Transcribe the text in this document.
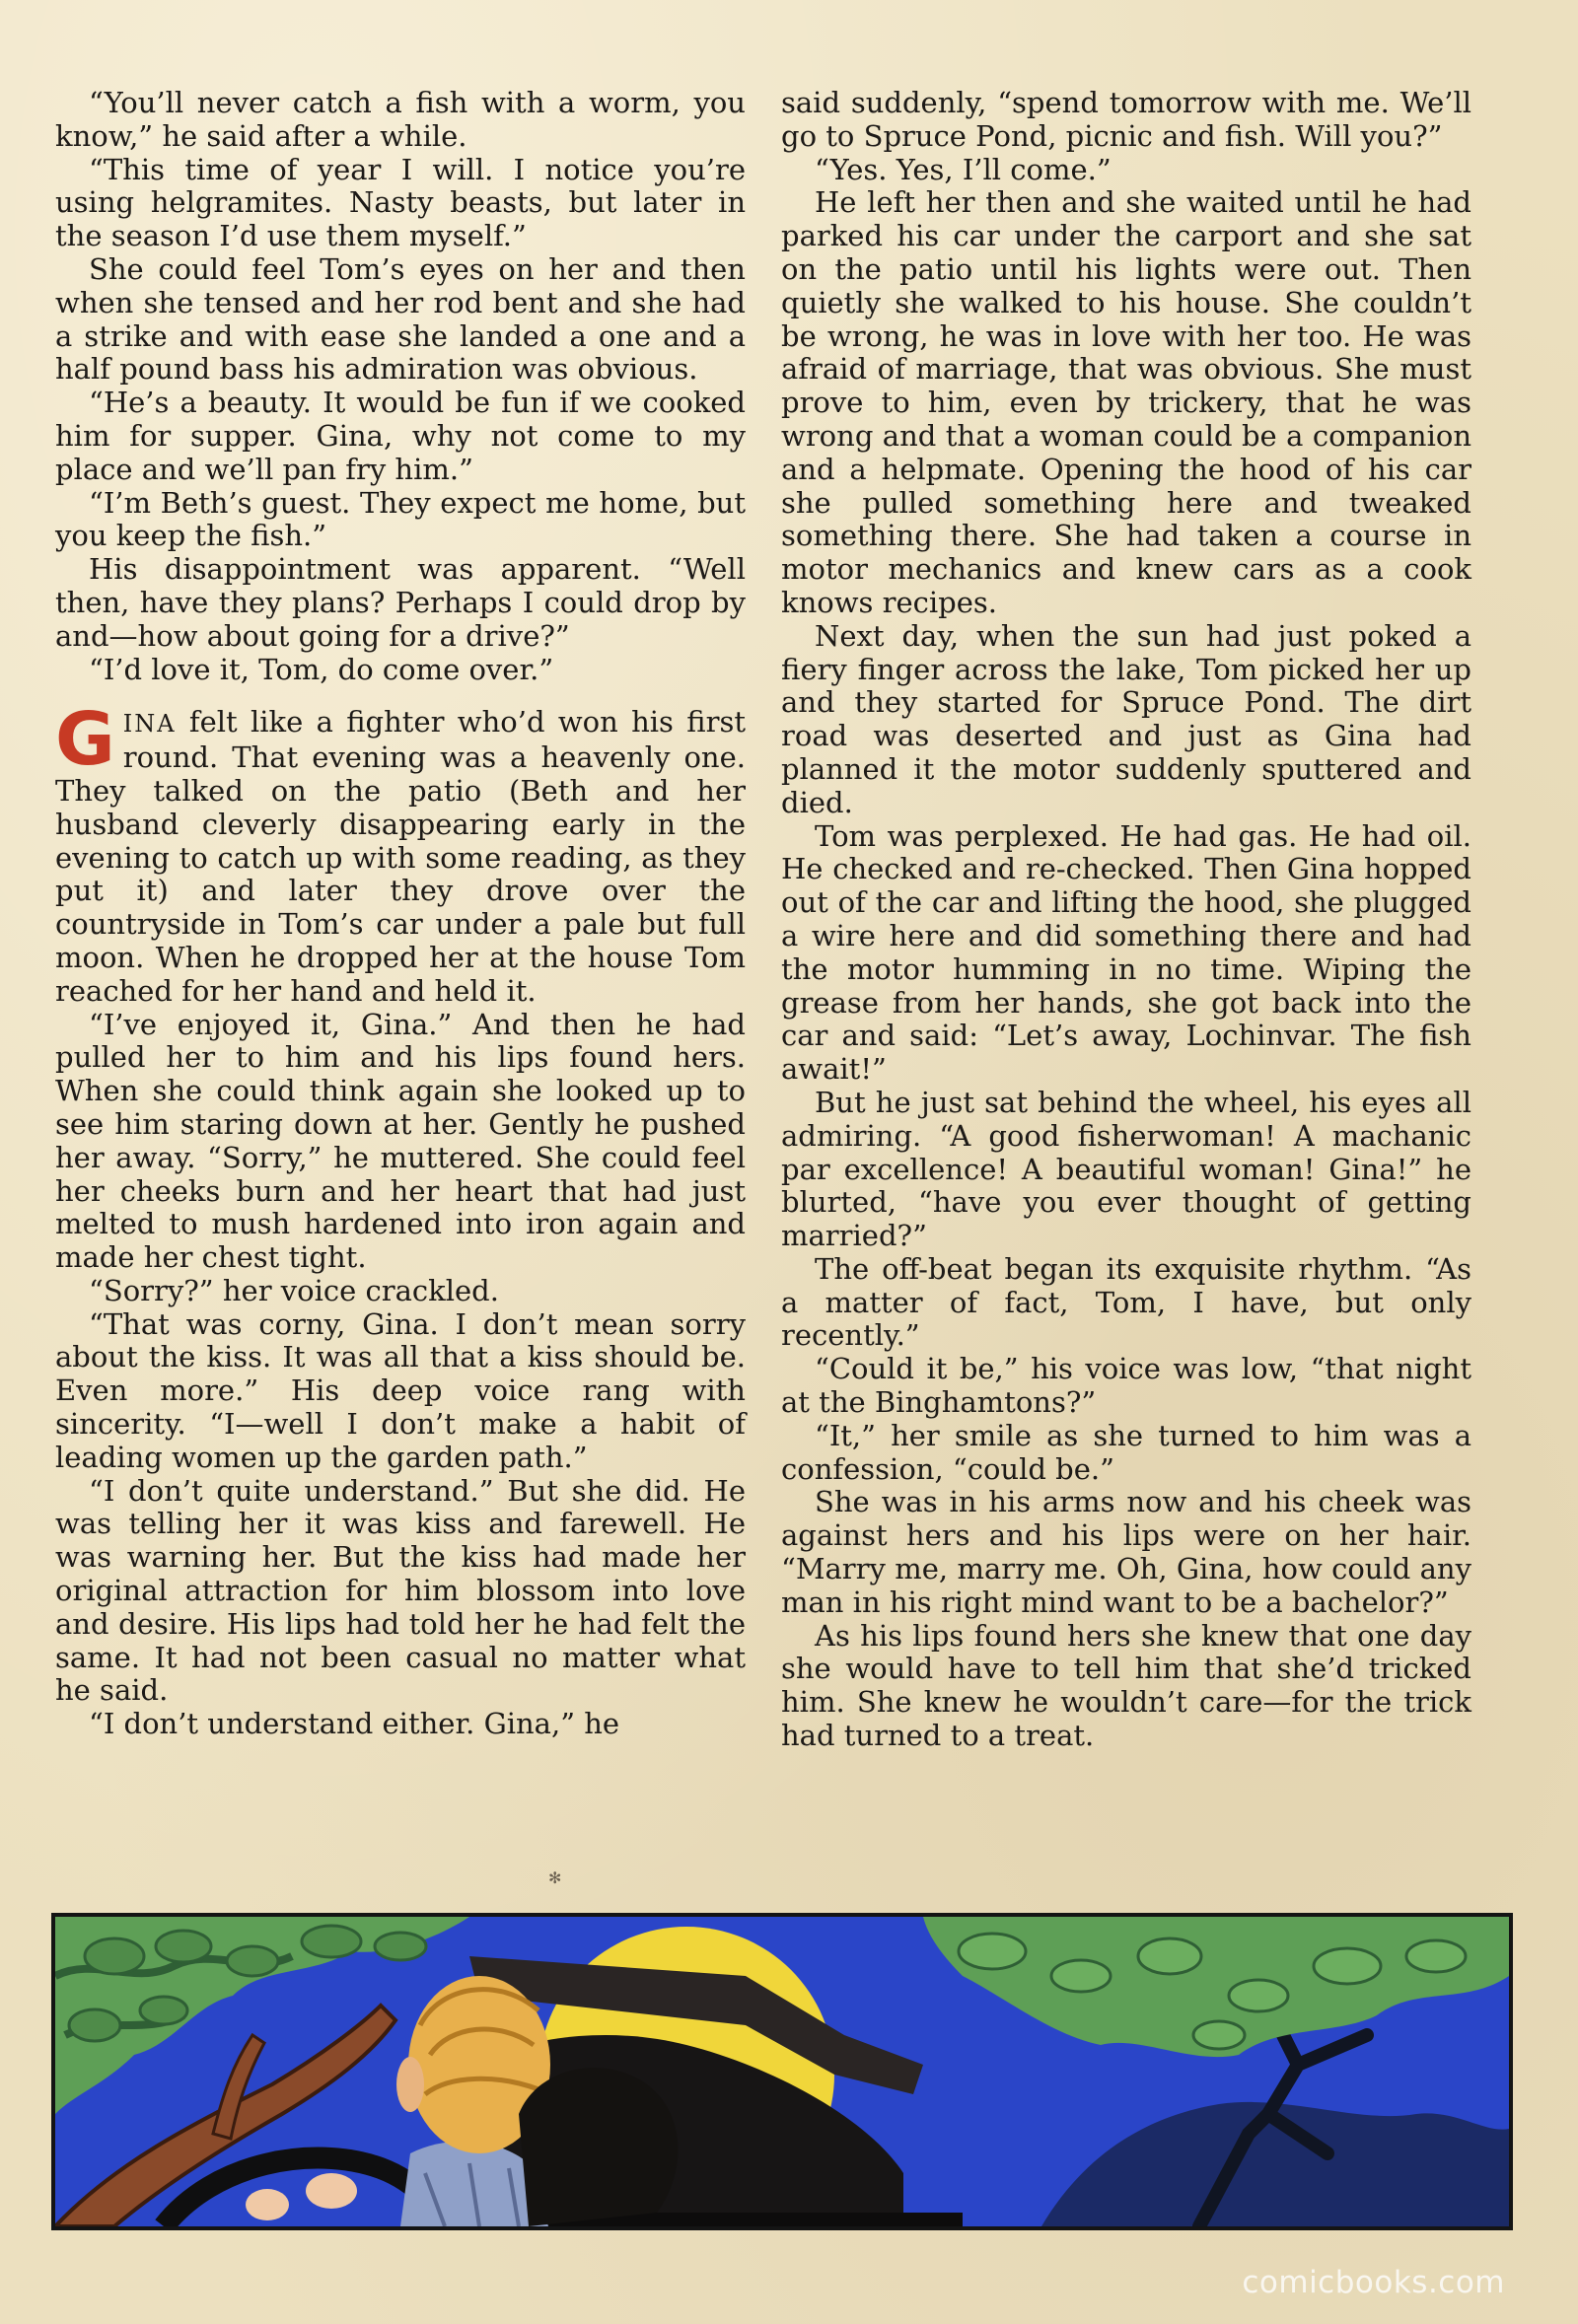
“You’ll never catch a fish with a worm, you know,” he said after a while.

“This time of year I will. I notice you’re using helgramites. Nasty beasts, but later in the season I’d use them myself.”

She could feel Tom’s eyes on her and then when she tensed and her rod bent and she had a strike and with ease she landed a one and a half pound bass his admiration was obvious.

“He’s a beauty. It would be fun if we cooked him for supper. Gina, why not come to my place and we’ll pan fry him.”

“I’m Beth’s guest. They expect me home, but you keep the fish.”

His disappointment was apparent. “Well then, have they plans? Perhaps I could drop by and—how about going for a drive?”

“I’d love it, Tom, do come over.”

GINA felt like a fighter who’d won his first round. That evening was a heavenly one. They talked on the patio (Beth and her husband cleverly disappearing early in the evening to catch up with some reading, as they put it) and later they drove over the countryside in Tom’s car under a pale but full moon. When he dropped her at the house Tom reached for her hand and held it.

“I’ve enjoyed it, Gina.” And then he had pulled her to him and his lips found hers. When she could think again she looked up to see him staring down at her. Gently he pushed her away. “Sorry,” he muttered. She could feel her cheeks burn and her heart that had just melted to mush hardened into iron again and made her chest tight.

“Sorry?” her voice crackled.

“That was corny, Gina. I don’t mean sorry about the kiss. It was all that a kiss should be. Even more.” His deep voice rang with sincerity. “I—well I don’t make a habit of leading women up the garden path.”

“I don’t quite understand.” But she did. He was telling her it was kiss and farewell. He was warning her. But the kiss had made her original attraction for him blossom into love and desire. His lips had told her he had felt the same. It had not been casual no matter what he said.

“I don’t understand either. Gina,” he

said suddenly, “spend tomorrow with me. We’ll go to Spruce Pond, picnic and fish. Will you?”

“Yes. Yes, I’ll come.”

He left her then and she waited until he had parked his car under the carport and she sat on the patio until his lights were out. Then quietly she walked to his house. She couldn’t be wrong, he was in love with her too. He was afraid of marriage, that was obvious. She must prove to him, even by trickery, that he was wrong and that a woman could be a companion and a helpmate. Opening the hood of his car she pulled something here and tweaked something there. She had taken a course in motor mechanics and knew cars as a cook knows recipes.

Next day, when the sun had just poked a fiery finger across the lake, Tom picked her up and they started for Spruce Pond. The dirt road was deserted and just as Gina had planned it the motor suddenly sputtered and died.

Tom was perplexed. He had gas. He had oil. He checked and re-checked. Then Gina hopped out of the car and lifting the hood, she plugged a wire here and did something there and had the motor humming in no time. Wiping the grease from her hands, she got back into the car and said: “Let’s away, Lochinvar. The fish await!”

But he just sat behind the wheel, his eyes all admiring. “A good fisherwoman! A machanic par excellence! A beautiful woman! Gina!” he blurted, “have you ever thought of getting married?”

The off-beat began its exquisite rhythm. “As a matter of fact, Tom, I have, but only recently.”

“Could it be,” his voice was low, “that night at the Binghamtons?”

“It,” her smile as she turned to him was a confession, “could be.”

She was in his arms now and his cheek was against hers and his lips were on her hair. “Marry me, marry me. Oh, Gina, how could any man in his right mind want to be a bachelor?”

As his lips found hers she knew that one day she would have to tell him that she’d tricked him. She knew he wouldn’t care—for the trick had turned to a treat.

✻
comicbooks.com
